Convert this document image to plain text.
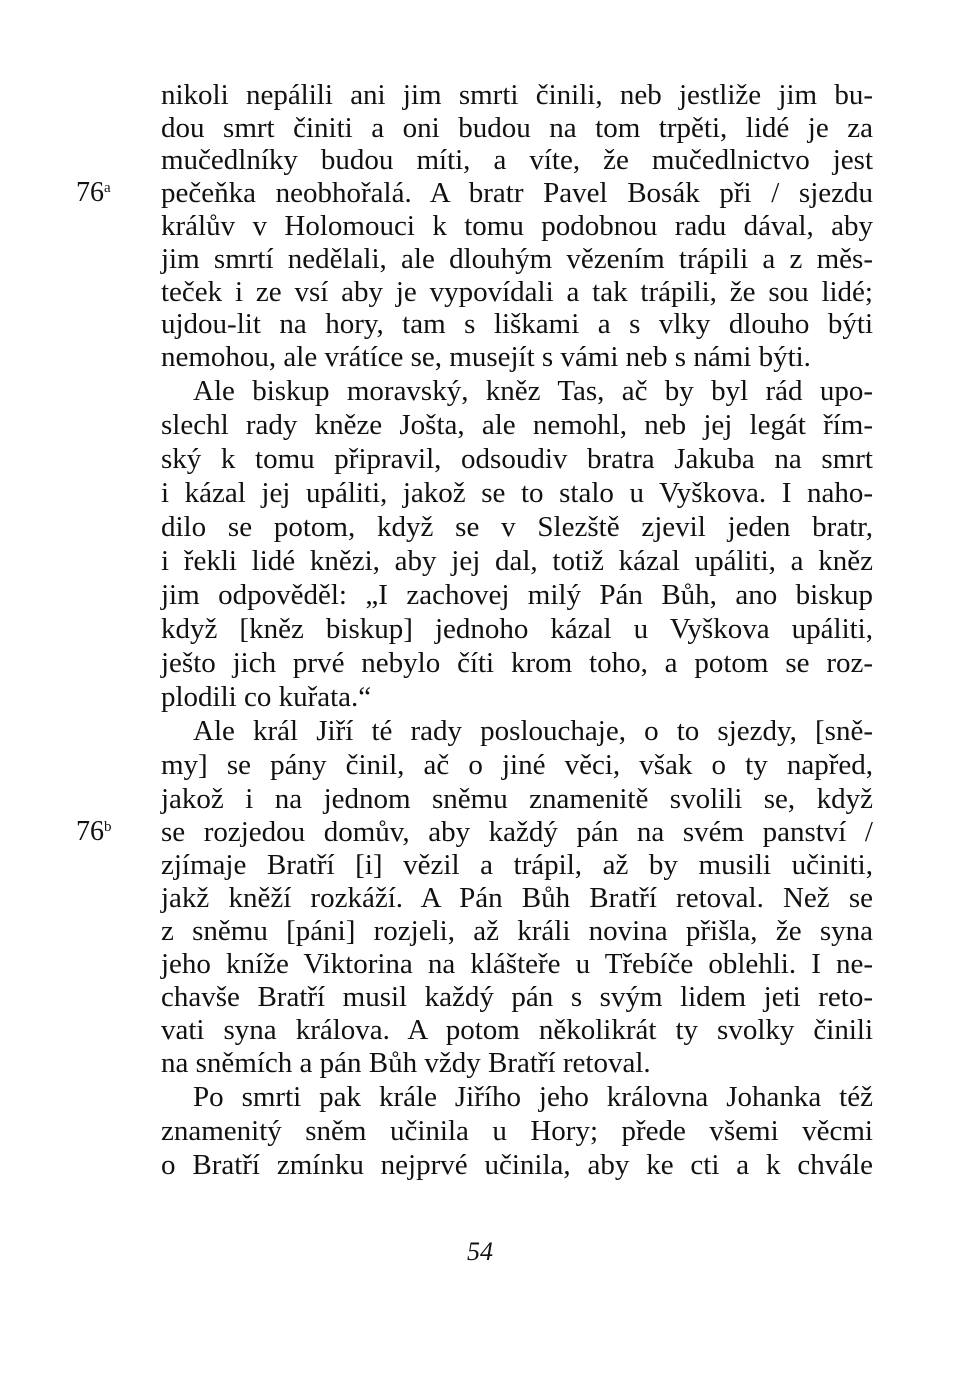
76$^a$
76$^b$
nikoli nepálili ani jim smrti činili, neb jestliže jim bu-
dou smrt činiti a oni budou na tom trpěti, lidé je za
mučedlníky budou míti, a víte, že mučedlnictvo jest
pečeňka neobhořalá. A bratr Pavel Bosák při / sjezdu
králův v Holomouci k tomu podobnou radu dával, aby
jim smrtí nedělali, ale dlouhým vězením trápili a z měs-
teček i ze vsí aby je vypovídali a tak trápili, že sou lidé;
ujdou-lit na hory, tam s liškami a s vlky dlouho býti
nemohou, ale vrátíce se, musejít s vámi neb s námi býti.
Ale biskup moravský, kněz Tas, ač by byl rád upo-
slechl rady kněze Jošta, ale nemohl, neb jej legát řím-
ský k tomu připravil, odsoudiv bratra Jakuba na smrt
i kázal jej upáliti, jakož se to stalo u Vyškova. I naho-
dilo se potom, když se v Slezště zjevil jeden bratr,
i řekli lidé knězi, aby jej dal, totiž kázal upáliti, a kněz
jim odpověděl: „I zachovej milý Pán Bůh, ano biskup
když [kněz biskup] jednoho kázal u Vyškova upáliti,
ješto jich prvé nebylo číti krom toho, a potom se roz-
plodili co kuřata.“
Ale král Jiří té rady poslouchaje, o to sjezdy, [sně-
my] se pány činil, ač o jiné věci, však o ty napřed,
jakož i na jednom sněmu znamenitě svolili se, když
se rozjedou domův, aby každý pán na svém panství /
zjímaje Bratří [i] vězil a trápil, až by musili učiniti,
jakž kněží rozkáží. A Pán Bůh Bratří retoval. Než se
z sněmu [páni] rozjeli, až králi novina přišla, že syna
jeho kníže Viktorina na klášteře u Třebíče oblehli. I ne-
chavše Bratří musil každý pán s svým lidem jeti reto-
vati syna králova. A potom několikrát ty svolky činili
na sněmích a pán Bůh vždy Bratří retoval.
Po smrti pak krále Jiřího jeho královna Johanka též
znamenitý sněm učinila u Hory; přede všemi věcmi
o Bratří zmínku nejprvé učinila, aby ke cti a k chvále
54
